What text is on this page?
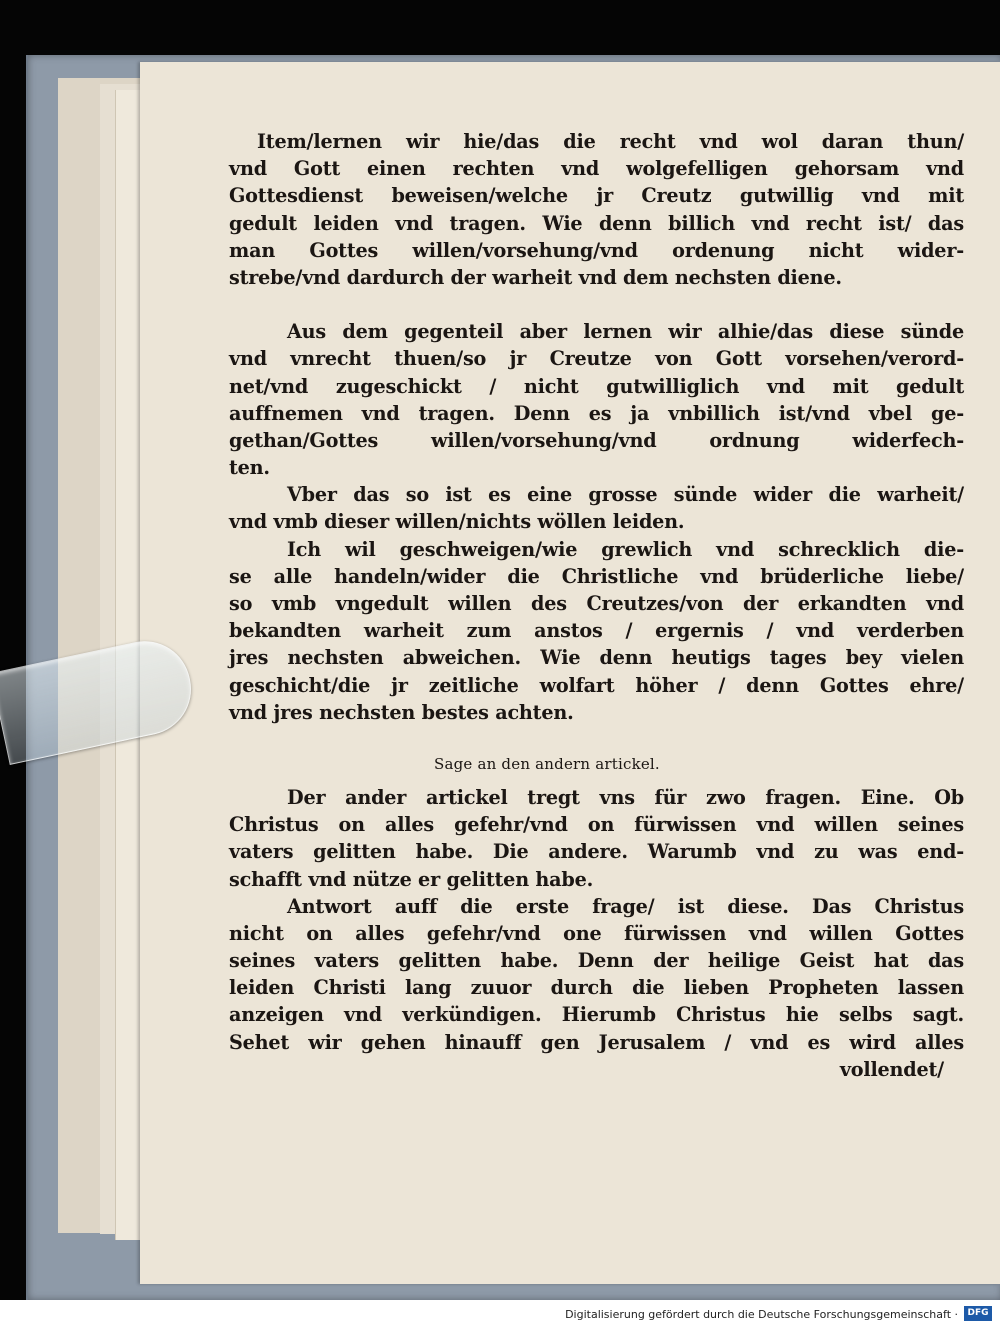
Item/lernen wir hie/das die recht vnd wol daran thun/
vnd Gott einen rechten vnd wolgefelligen gehorsam vnd
Gottesdienst beweisen/welche jr Creutz gutwillig vnd mit
gedult leiden vnd tragen. Wie denn billich vnd recht ist/ das
man Gottes willen/vorsehung/vnd ordenung nicht wider-
strebe/vnd dardurch der warheit vnd dem nechsten diene.
Aus dem gegenteil aber lernen wir alhie/das diese sünde
vnd vnrecht thuen/so jr Creutze von Gott vorsehen/verord-
net/vnd zugeschickt / nicht gutwilliglich vnd mit gedult
auffnemen vnd tragen. Denn es ja vnbillich ist/vnd vbel ge-
gethan/Gottes willen/vorsehung/vnd ordnung widerfech-
ten.
Vber das so ist es eine grosse sünde wider die warheit/
vnd vmb dieser willen/nichts wöllen leiden.
Ich wil geschweigen/wie grewlich vnd schrecklich die-
se alle handeln/wider die Christliche vnd brüderliche liebe/
so vmb vngedult willen des Creutzes/von der erkandten vnd
bekandten warheit zum anstos / ergernis / vnd verderben
jres nechsten abweichen. Wie denn heutigs tages bey vielen
geschicht/die jr zeitliche wolfart höher / denn Gottes ehre/
vnd jres nechsten bestes achten.
Sage an den andern artickel.
Der ander artickel tregt vns für zwo fragen. Eine. Ob
Christus on alles gefehr/vnd on fürwissen vnd willen seines
vaters gelitten habe. Die andere. Warumb vnd zu was end-
schafft vnd nütze er gelitten habe.
Antwort auff die erste frage/ ist diese. Das Christus
nicht on alles gefehr/vnd one fürwissen vnd willen Gottes
seines vaters gelitten habe. Denn der heilige Geist hat das
leiden Christi lang zuuor durch die lieben Propheten lassen
anzeigen vnd verkündigen. Hierumb Christus hie selbs sagt.
Sehet wir gehen hinauff gen Jerusalem / vnd es wird alles
vollendet/
Digitalisierung gefördert durch die Deutsche Forschungsgemeinschaft ·	DFG
